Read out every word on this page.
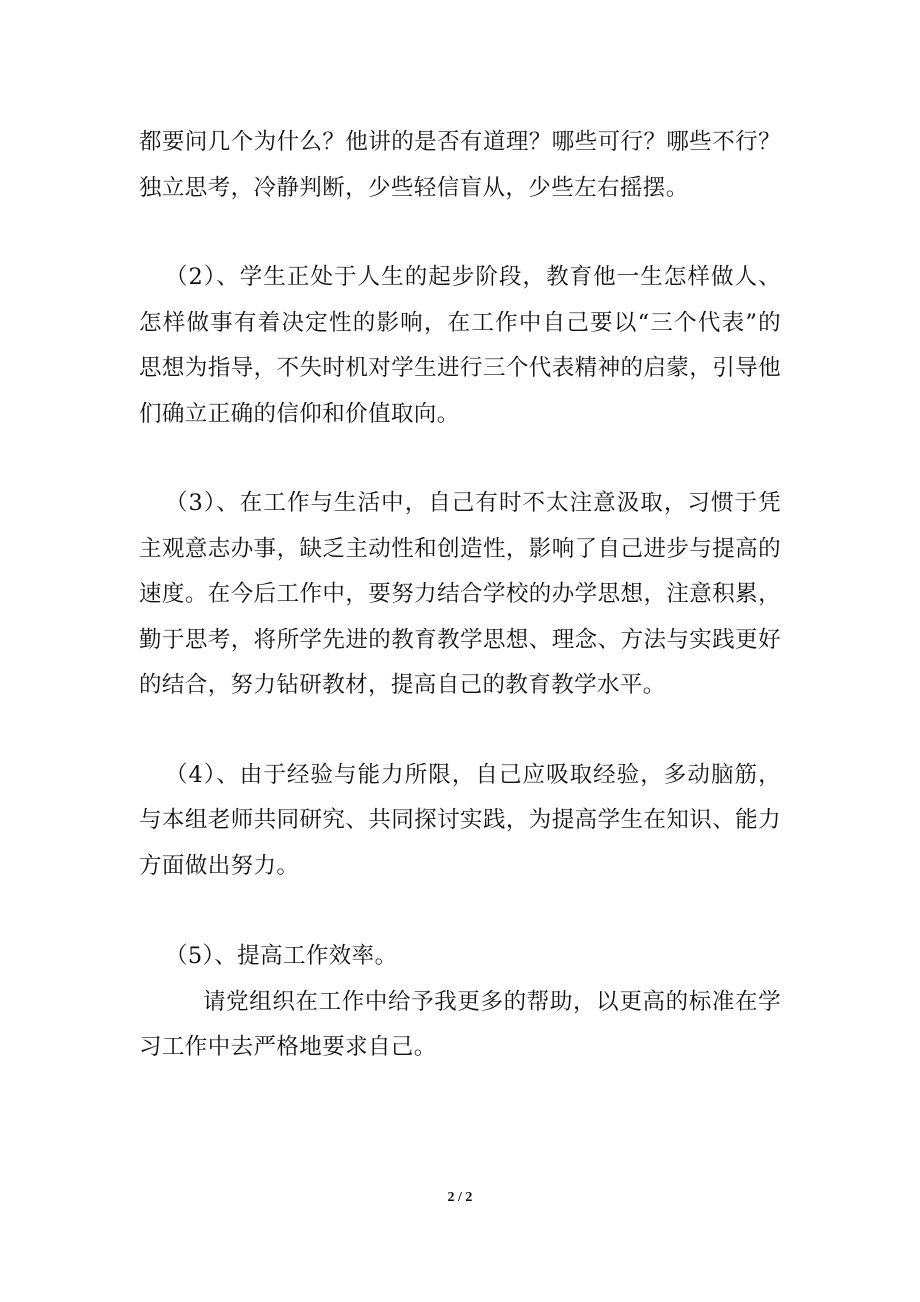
都要问几个为什么？他讲的是否有道理？哪些可行？哪些不行？独立思考，冷静判断，少些轻信盲从，少些左右摇摆。

（2）、学生正处于人生的起步阶段，教育他一生怎样做人、怎样做事有着决定性的影响，在工作中自己要以“三个代表”的思想为指导，不失时机对学生进行三个代表精神的启蒙，引导他们确立正确的信仰和价值取向。

（3）、在工作与生活中，自己有时不太注意汲取，习惯于凭主观意志办事，缺乏主动性和创造性，影响了自己进步与提高的速度。在今后工作中，要努力结合学校的办学思想，注意积累，勤于思考，将所学先进的教育教学思想、理念、方法与实践更好的结合，努力钻研教材，提高自己的教育教学水平。

（4）、由于经验与能力所限，自己应吸取经验，多动脑筋，与本组老师共同研究、共同探讨实践，为提高学生在知识、能力方面做出努力。

（5）、提高工作效率。

请党组织在工作中给予我更多的帮助，以更高的标准在学习工作中去严格地要求自己。

2 / 2
